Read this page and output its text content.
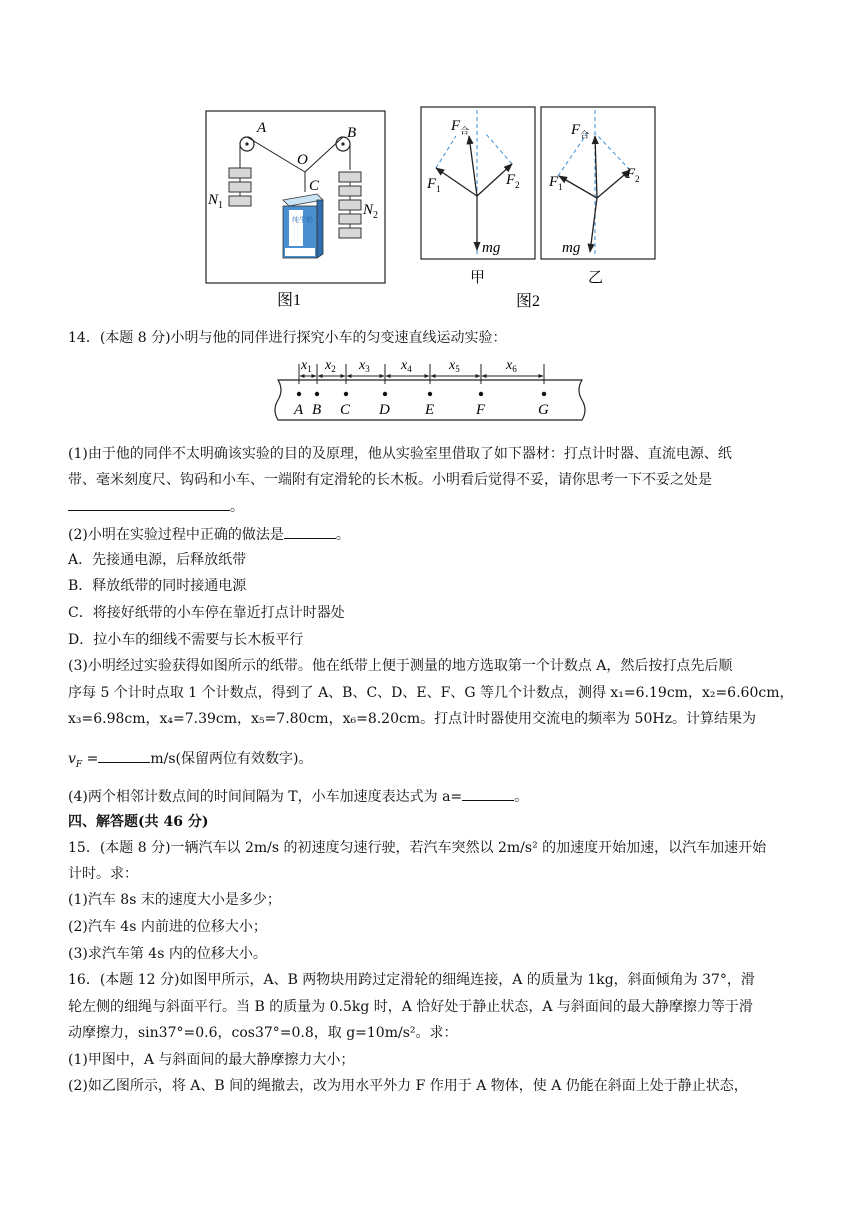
纯牛奶
A	B
O
C
$N_1$	$N_2$
图1
$F_合$
$F_1$
$F_2$
mg
$F_合$
$F_1$
$F_2$
mg
甲	乙
图2
14．(本题 8 分)小明与他的同伴进行探究小车的匀变速直线运动实验：
$x_1$ $x_2$ $x_3$ $x_4$	$x_5$	$x_6$
A B C D E	F	G
(1)由于他的同伴不太明确该实验的目的及原理，他从实验室里借取了如下器材：打点计时器、直流电源、纸
带、毫米刻度尺、钩码和小车、一端附有定滑轮的长木板。小明看后觉得不妥，请你思考一下不妥之处是
。
(2)小明在实验过程中正确的做法是	。
A．先接通电源，后释放纸带
B．释放纸带的同时接通电源
C．将接好纸带的小车停在靠近打点计时器处
D．拉小车的细线不需要与长木板平行
(3)小明经过实验获得如图所示的纸带。他在纸带上便于测量的地方选取第一个计数点 A，然后按打点先后顺
序每 5 个计时点取 1 个计数点，得到了 A、B、C、D、E、F、G 等几个计数点，测得 x₁=6.19cm，x₂=6.60cm，
x₃=6.98cm，x₄=7.39cm，x₅=7.80cm，x₆=8.20cm。打点计时器使用交流电的频率为 50Hz。计算结果为
$v_F$ =	m/s(保留两位有效数字)。
(4)两个相邻计数点间的时间间隔为 T，小车加速度表达式为 a=	。
四、解答题(共 46 分)
15．(本题 8 分)一辆汽车以 2m/s 的初速度匀速行驶，若汽车突然以 2m/s² 的加速度开始加速，以汽车加速开始
计时。求：
(1)汽车 8s 末的速度大小是多少；
(2)汽车 4s 内前进的位移大小；
(3)求汽车第 4s 内的位移大小。
16．(本题 12 分)如图甲所示，A、B 两物块用跨过定滑轮的细绳连接，A 的质量为 1kg，斜面倾角为 37°，滑
轮左侧的细绳与斜面平行。当 B 的质量为 0.5kg 时，A 恰好处于静止状态，A 与斜面间的最大静摩擦力等于滑
动摩擦力，sin37°=0.6，cos37°=0.8，取 g=10m/s²。求：
(1)甲图中，A 与斜面间的最大静摩擦力大小；
(2)如乙图所示，将 A、B 间的绳撤去，改为用水平外力 F 作用于 A 物体，使 A 仍能在斜面上处于静止状态，
